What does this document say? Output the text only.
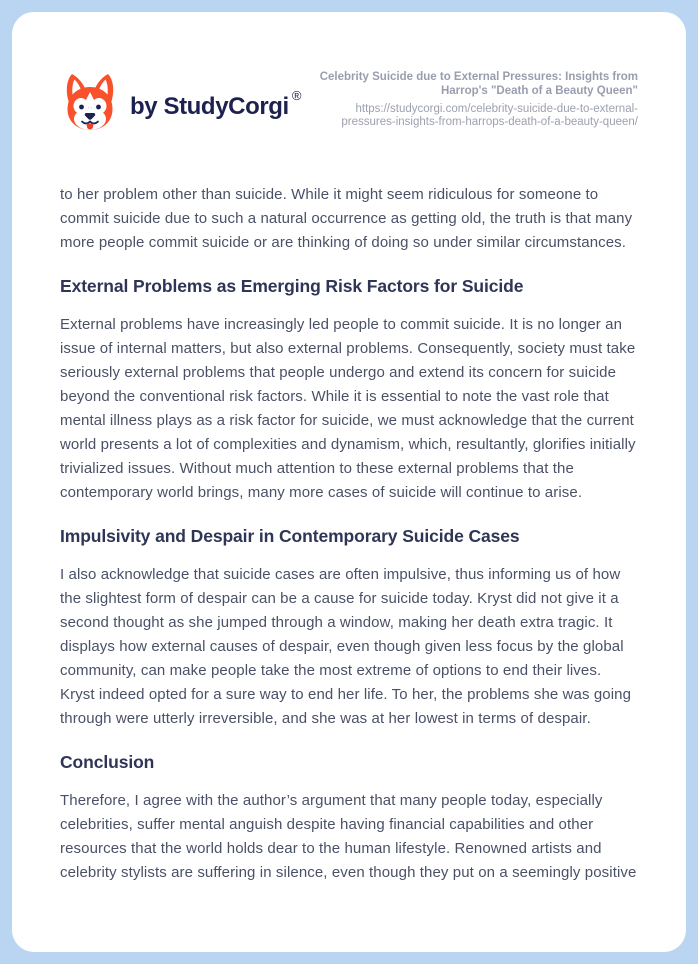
by StudyCorgi ®
Celebrity Suicide due to External Pressures: Insights from Harrop's "Death of a Beauty Queen"
https://studycorgi.com/celebrity-suicide-due-to-external-pressures-insights-from-harrops-death-of-a-beauty-queen/

to her problem other than suicide. While it might seem ridiculous for someone to commit suicide due to such a natural occurrence as getting old, the truth is that many more people commit suicide or are thinking of doing so under similar circumstances.

External Problems as Emerging Risk Factors for Suicide

External problems have increasingly led people to commit suicide. It is no longer an issue of internal matters, but also external problems. Consequently, society must take seriously external problems that people undergo and extend its concern for suicide beyond the conventional risk factors. While it is essential to note the vast role that mental illness plays as a risk factor for suicide, we must acknowledge that the current world presents a lot of complexities and dynamism, which, resultantly, glorifies initially trivialized issues. Without much attention to these external problems that the contemporary world brings, many more cases of suicide will continue to arise.

Impulsivity and Despair in Contemporary Suicide Cases

I also acknowledge that suicide cases are often impulsive, thus informing us of how the slightest form of despair can be a cause for suicide today. Kryst did not give it a second thought as she jumped through a window, making her death extra tragic. It displays how external causes of despair, even though given less focus by the global community, can make people take the most extreme of options to end their lives. Kryst indeed opted for a sure way to end her life. To her, the problems she was going through were utterly irreversible, and she was at her lowest in terms of despair.

Conclusion

Therefore, I agree with the author’s argument that many people today, especially celebrities, suffer mental anguish despite having financial capabilities and other resources that the world holds dear to the human lifestyle. Renowned artists and celebrity stylists are suffering in silence, even though they put on a seemingly positive
